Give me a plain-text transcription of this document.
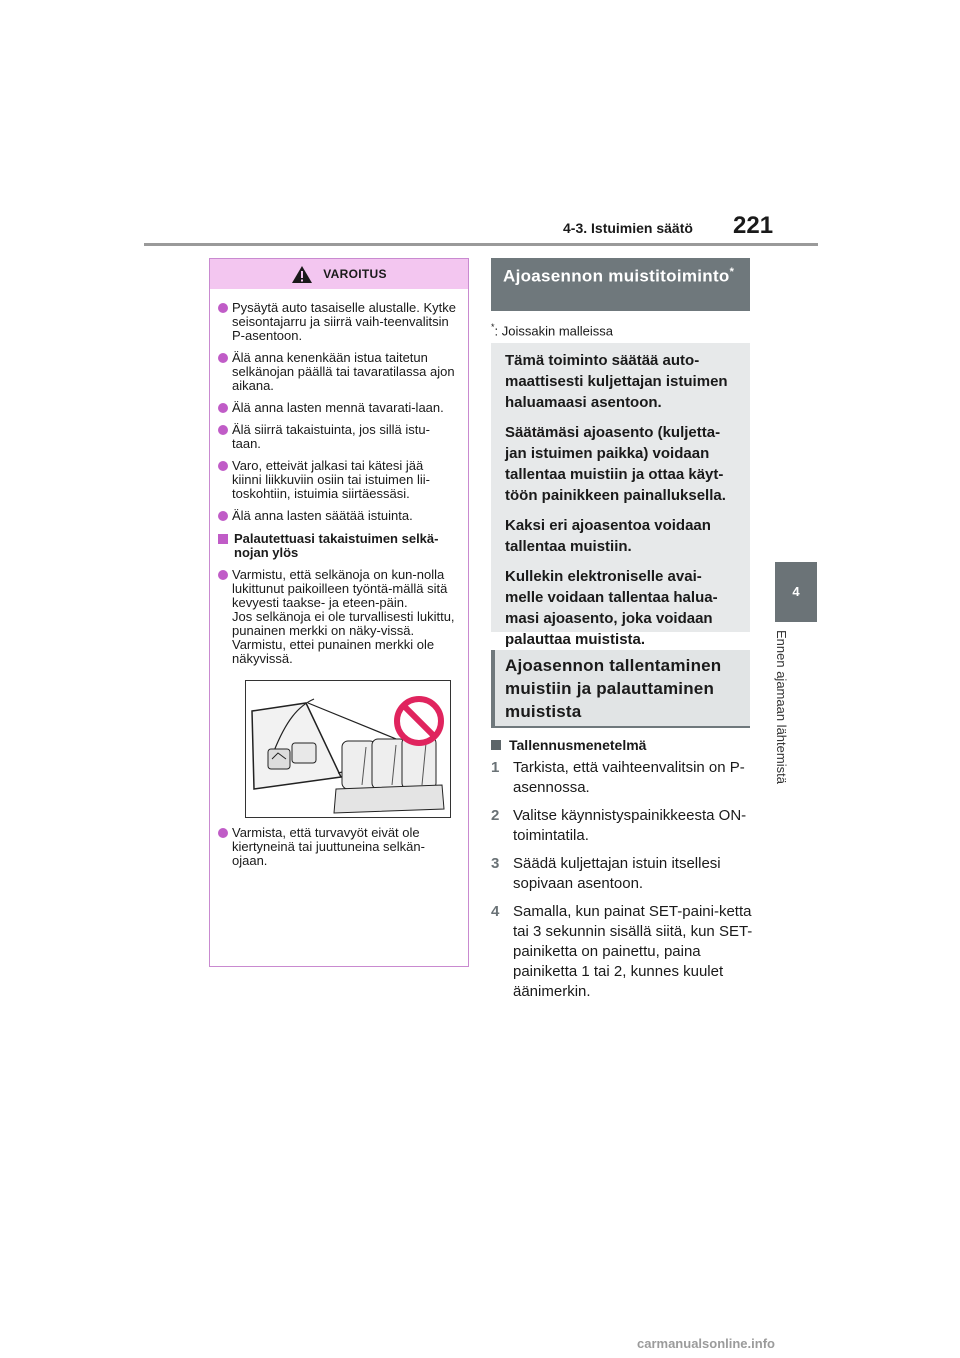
4-3. Istuimien säätö 221
4
Ennen ajamaan lähtemistä
VAROITUS
Pysäytä auto tasaiselle alustalle. Kytke seisontajarru ja siirrä vaih-teenvalitsin P-asentoon.
Älä anna kenenkään istua taitetun selkänojan päällä tai tavaratilassa ajon aikana.
Älä anna lasten mennä tavarati-laan.
Älä siirrä takaistuinta, jos sillä istu-taan.
Varo, etteivät jalkasi tai kätesi jää kiinni liikkuviin osiin tai istuimen lii-toskohtiin, istuimia siirtäessäsi.
Älä anna lasten säätää istuinta.
Palautettuasi takaistuimen selkä-nojan ylös
Varmistu, että selkänoja on kun-nolla lukittunut paikoilleen työntä-mällä sitä kevyesti taakse- ja eteen-päin.
Jos selkänoja ei ole turvallisesti lukittu, punainen merkki on näky-vissä. Varmistu, ettei punainen merkki ole näkyvissä.
Varmista, että turvavyöt eivät ole kiertyneinä tai juuttuneina selkän-ojaan.
Ajoasennon muistitoiminto*
*: Joissakin malleissa

Tämä toiminto säätää auto-maattisesti kuljettajan istuimen haluamaasi asentoon.

Säätämäsi ajoasento (kuljetta-jan istuimen paikka) voidaan tallentaa muistiin ja ottaa käyt-töön painikkeen painalluksella.

Kaksi eri ajoasentoa voidaan tallentaa muistiin.

Kullekin elektroniselle avai-melle voidaan tallentaa halua-masi ajoasento, joka voidaan palauttaa muistista.

Ajoasennon tallentaminen muistiin ja palauttaminen muistista
Tallennusmenetelmä
1 Tarkista, että vaihteenvalitsin on P-asennossa.
2 Valitse käynnistyspainikkeesta ON-toimintatila.
3 Säädä kuljettajan istuin itsellesi sopivaan asentoon.
4 Samalla, kun painat SET-paini-ketta tai 3 sekunnin sisällä siitä, kun SET-painiketta on painettu, paina painiketta 1 tai 2, kunnes kuulet äänimerkin.
carmanualsonline.info
